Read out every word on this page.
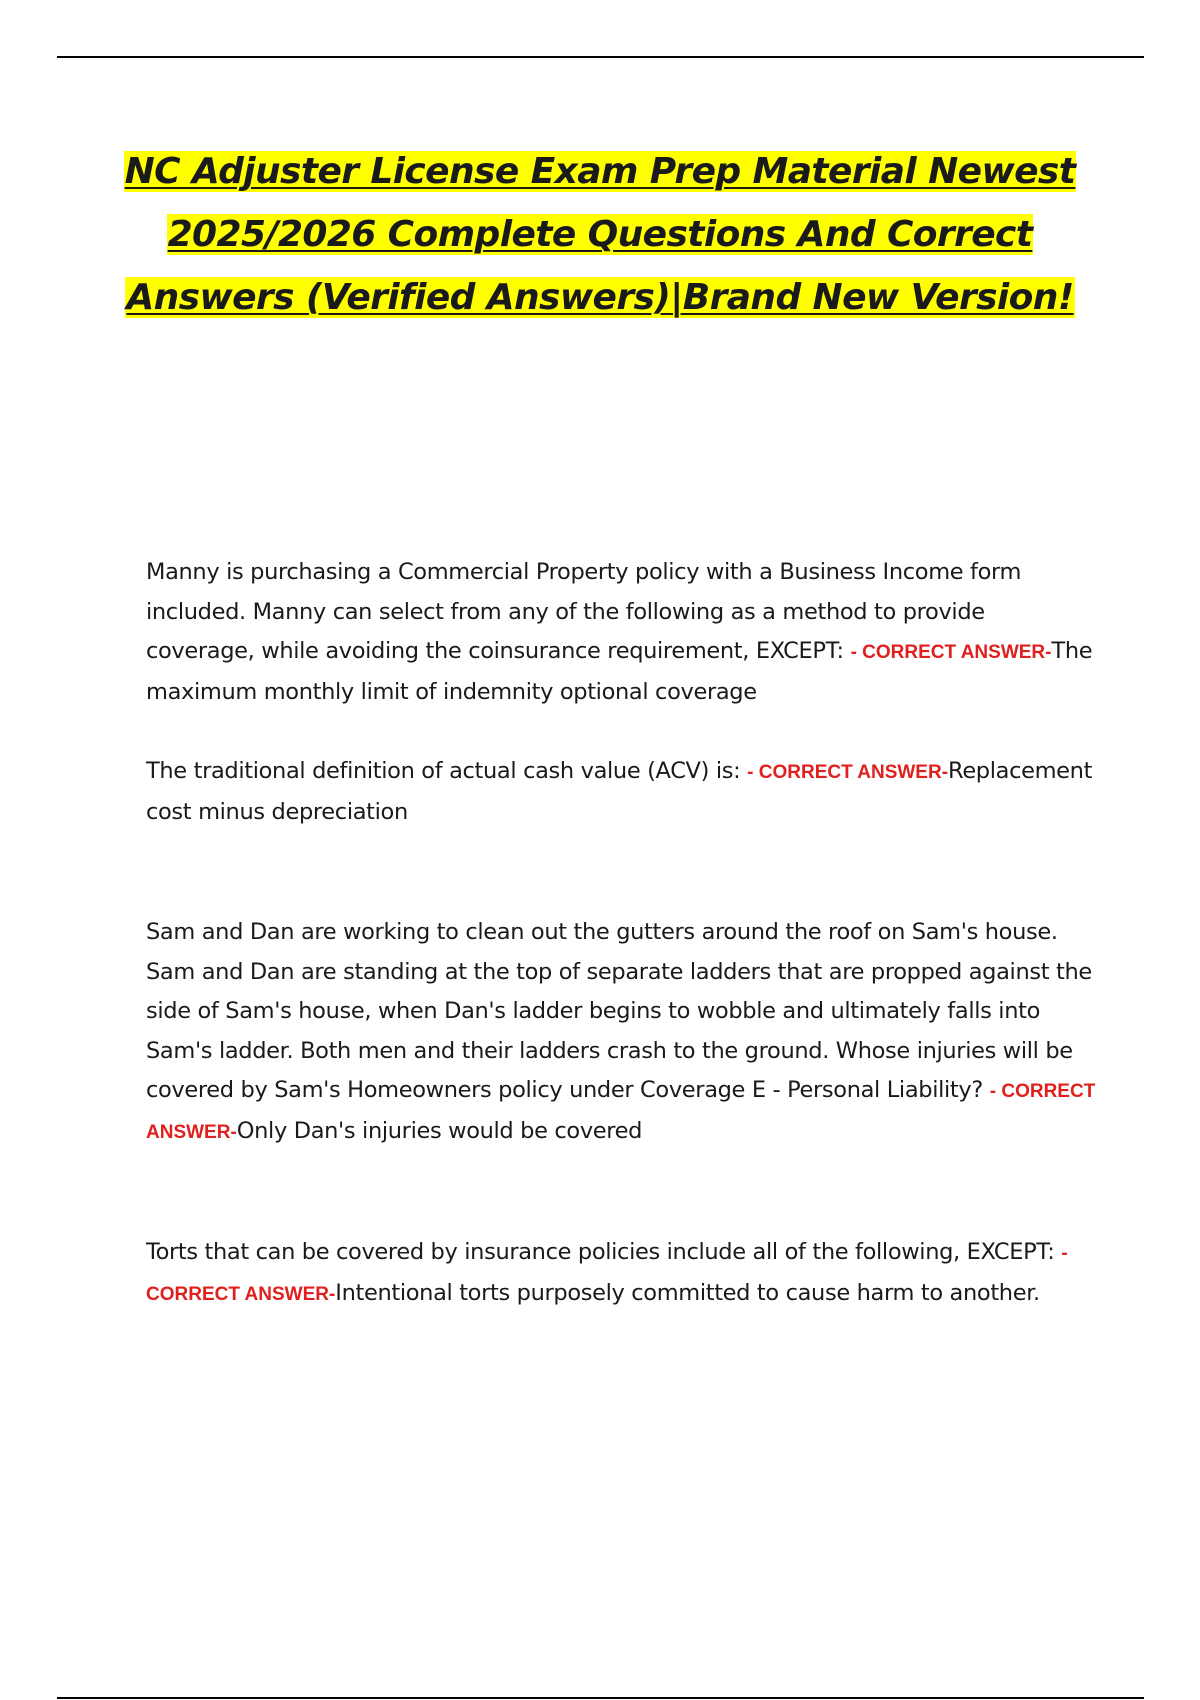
NC Adjuster License Exam Prep Material Newest
2025/2026 Complete Questions And Correct
Answers (Verified Answers)|Brand New Version!
Manny is purchasing a Commercial Property policy with a Business Income form included. Manny can select from any of the following as a method to provide coverage, while avoiding the coinsurance requirement, EXCEPT: - CORRECT ANSWER-The maximum monthly limit of indemnity optional coverage
The traditional definition of actual cash value (ACV) is: - CORRECT ANSWER-Replacement cost minus depreciation
Sam and Dan are working to clean out the gutters around the roof on Sam's house. Sam and Dan are standing at the top of separate ladders that are propped against the side of Sam's house, when Dan's ladder begins to wobble and ultimately falls into Sam's ladder. Both men and their ladders crash to the ground. Whose injuries will be covered by Sam's Homeowners policy under Coverage E - Personal Liability? - CORRECT ANSWER-Only Dan's injuries would be covered
Torts that can be covered by insurance policies include all of the following, EXCEPT: - CORRECT ANSWER-Intentional torts purposely committed to cause harm to another.
